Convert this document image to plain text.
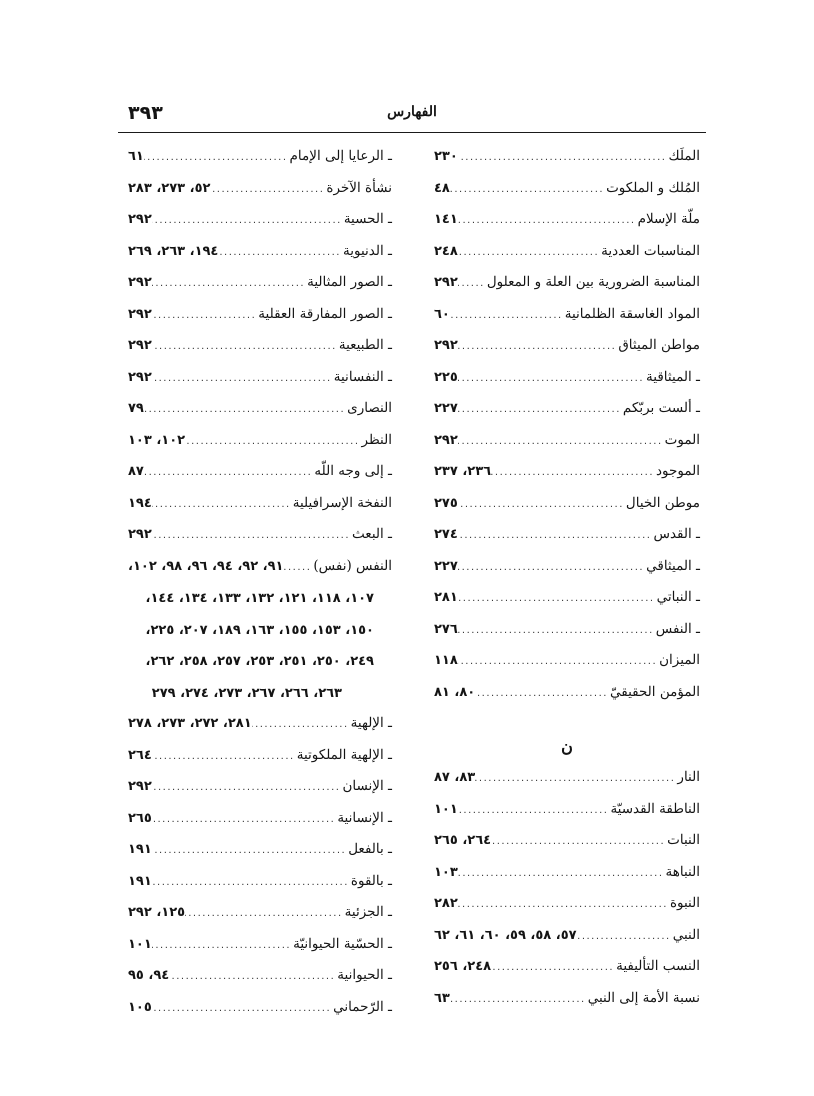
٣٩٣	الفهارس
الملَك
.....
٢٣٠
المُلك و الملكوت
.....
٤٨
ملّة الإسلام
.....
١٤١
المناسبات العددية
.....
٢٤٨
المناسبة الضرورية بين العلة و المعلول
.....
٢٩٢
المواد الغاسقة الظلمانية
.....
٦٠
مواطن الميثاق
.....
٢٩٢
ـ الميثاقية
.....
٢٢٥
ـ ألست بربّكم
.....
٢٢٧
الموت
.....
٢٩٢
الموجود
.....
٢٣٦، ٢٣٧
موطن الخيال
.....
٢٧٥
ـ القدس
.....
٢٧٤
ـ الميثاقي
.....
٢٢٧
ـ النباتي
.....
٢٨١
ـ النفس
.....
٢٧٦
الميزان
.....
١١٨
المؤمن الحقيقيّ
.....
٨٠، ٨١
ن
النار
.....
٨٣، ٨٧
الناطقة القدسيّة
.....
١٠١
النبات
.....
٢٦٤، ٢٦٥
النباهة
.....
١٠٣
النبوة
.....
٢٨٢
النبي
.....
٥٧، ٥٨، ٥٩، ٦٠، ٦١، ٦٢
النسب التأليفية
.....
٢٤٨، ٢٥٦
نسبة الأمة إلى النبي
.....
٦٣
ـ الرعايا إلى الإمام
.....
٦١
نشأة الآخرة
.....
٥٢، ٢٧٣، ٢٨٣
ـ الحسية
.....
٢٩٢
ـ الدنيوية
.....
١٩٤، ٢٦٣، ٢٦٩
ـ الصور المثالية
.....
٢٩٢
ـ الصور المفارقة العقلية
.....
٢٩٢
ـ الطبيعية
.....
٢٩٢
ـ النفسانية
.....
٢٩٢
النصارى
.....
٧٩
النظر
.....
١٠٢، ١٠٣
ـ إلى وجه اللّه
.....
٨٧
النفخة الإسرافيلية
.....
١٩٤
ـ البعث
.....
٢٩٢
النفس (نفس)
.....
٩١، ٩٢، ٩٤، ٩٦، ٩٨، ١٠٢،
١٠٧، ١١٨، ١٢١، ١٣٢، ١٣٣، ١٣٤، ١٤٤،
١٥٠، ١٥٣، ١٥٥، ١٦٣، ١٨٩، ٢٠٧، ٢٢٥،
٢٤٩، ٢٥٠، ٢٥١، ٢٥٣، ٢٥٧، ٢٥٨، ٢٦٢،
٢٦٣، ٢٦٦، ٢٦٧، ٢٧٣، ٢٧٤، ٢٧٩
ـ الإلهية
.....
٢٨١، ٢٧٢، ٢٧٣، ٢٧٨
ـ الإلهية الملكوتية
.....
٢٦٤
ـ الإنسان
.....
٢٩٢
ـ الإنسانية
.....
٢٦٥
ـ بالفعل
.....
١٩١
ـ بالقوة
.....
١٩١
ـ الجزئية
.....
١٢٥، ٢٩٢
ـ الحسّية الحيوانيّة
.....
١٠١
ـ الحيوانية
.....
٩٤، ٩٥
ـ الرّحماني
.....
١٠٥
